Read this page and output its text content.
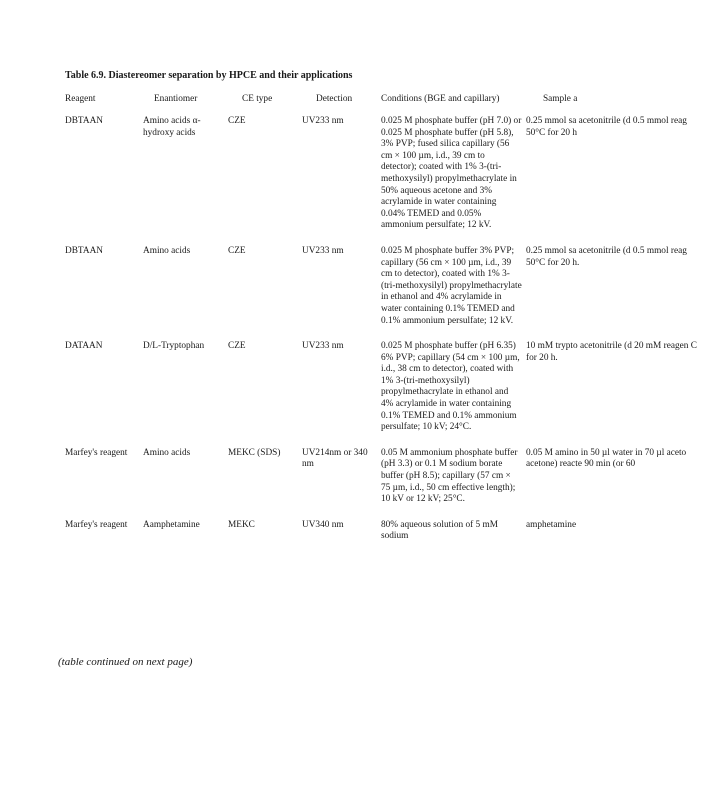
Table 6.9. Diastereomer separation by HPCE and their applications
Reagent	Enantiomer	CE type	Detection	Conditions (BGE and capillary)	Sample a
DBTAAN	Amino acids α-hydroxy acids	CZE	UV233 nm	0.025 M phosphate buffer (pH 7.0) or 0.025 M phosphate buffer (pH 5.8), 3% PVP; fused silica capillary (56 cm × 100 µm, i.d., 39 cm to detector); coated with 1% 3-(tri-methoxysilyl) propylmethacrylate in 50% aqueous acetone and 3% acrylamide in water containing 0.04% TEMED and 0.05% ammonium persulfate; 12 kV.	0.25 mmol sa acetonitrile (d 0.5 mmol reag 50°C for 20 h
DBTAAN	Amino acids	CZE	UV233 nm	0.025 M phosphate buffer 3% PVP; capillary (56 cm × 100 µm, i.d., 39 cm to detector), coated with 1% 3-(tri-methoxysilyl) propylmethacrylate in ethanol and 4% acrylamide in water containing 0.1% TEMED and 0.1% ammonium persulfate; 12 kV.	0.25 mmol sa acetonitrile (d 0.5 mmol reag 50°C for 20 h.
DATAAN	D/L-Tryptophan	CZE	UV233 nm	0.025 M phosphate buffer (pH 6.35) 6% PVP; capillary (54 cm × 100 µm, i.d., 38 cm to detector), coated with 1% 3-(tri-methoxysilyl) propylmethacrylate in ethanol and 4% acrylamide in water containing 0.1% TEMED and 0.1% ammonium persulfate; 10 kV; 24°C.	10 mM trypto acetonitrile (d 20 mM reagen C for 20 h.
Marfey's reagent	Amino acids	MEKC (SDS)	UV214nm or 340 nm	0.05 M ammonium phosphate buffer (pH 3.3) or 0.1 M sodium borate buffer (pH 8.5); capillary (57 cm × 75 µm, i.d., 50 cm effective length); 10 kV or 12 kV; 25°C.	0.05 M amino in 50 µl water in 70 µl aceto acetone) reacte 90 min (or 60
Marfey's reagent	Aamphetamine	MEKC	UV340 nm	80% aqueous solution of 5 mM sodium	amphetamine
(table continued on next page)
